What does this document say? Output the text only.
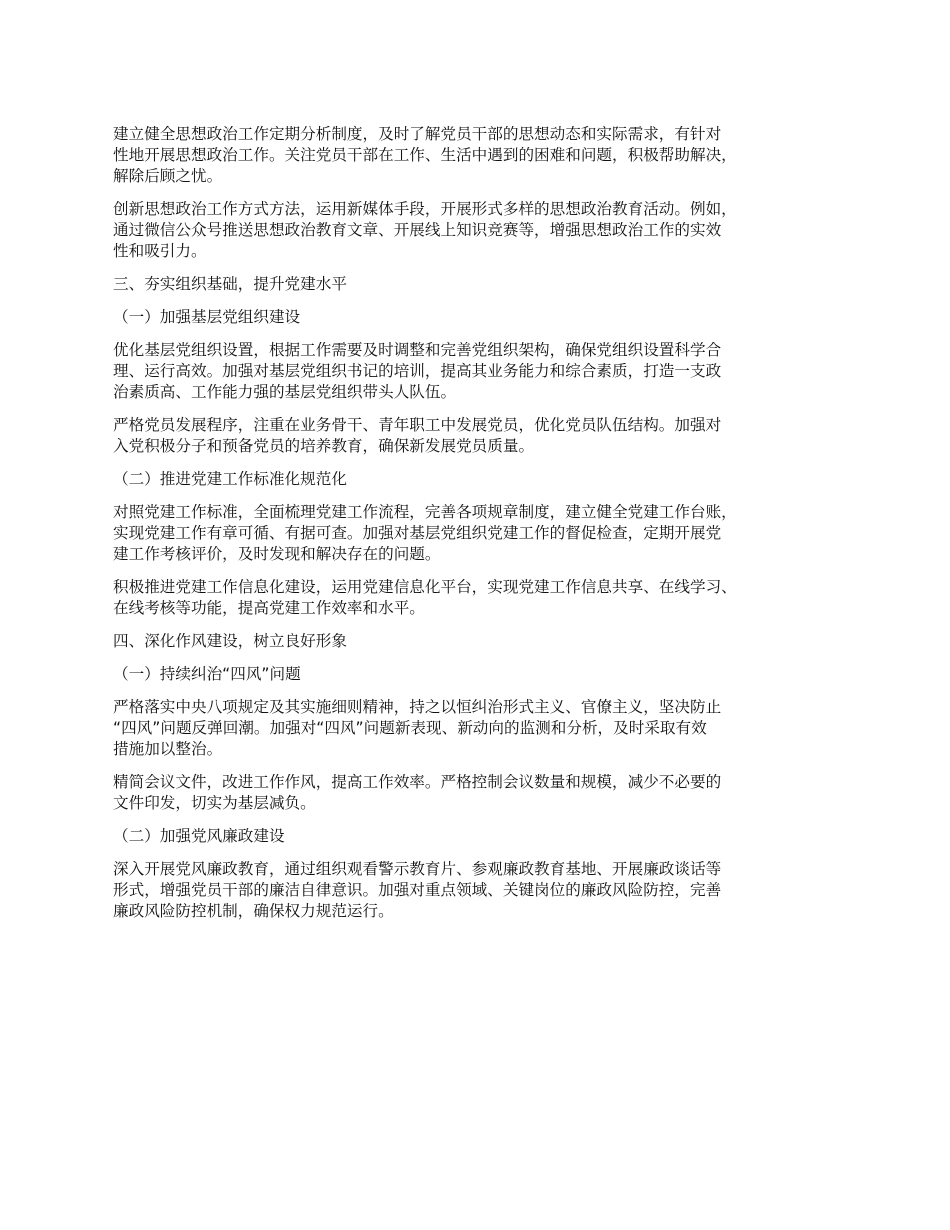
建立健全思想政治工作定期分析制度，及时了解党员干部的思想动态和实际需求，有针对
性地开展思想政治工作。关注党员干部在工作、生活中遇到的困难和问题，积极帮助解决，
解除后顾之忧。

创新思想政治工作方式方法，运用新媒体手段，开展形式多样的思想政治教育活动。例如，
通过微信公众号推送思想政治教育文章、开展线上知识竞赛等，增强思想政治工作的实效
性和吸引力。

三、夯实组织基础，提升党建水平

（一）加强基层党组织建设

优化基层党组织设置，根据工作需要及时调整和完善党组织架构，确保党组织设置科学合
理、运行高效。加强对基层党组织书记的培训，提高其业务能力和综合素质，打造一支政
治素质高、工作能力强的基层党组织带头人队伍。

严格党员发展程序，注重在业务骨干、青年职工中发展党员，优化党员队伍结构。加强对
入党积极分子和预备党员的培养教育，确保新发展党员质量。

（二）推进党建工作标准化规范化

对照党建工作标准，全面梳理党建工作流程，完善各项规章制度，建立健全党建工作台账，
实现党建工作有章可循、有据可查。加强对基层党组织党建工作的督促检查，定期开展党
建工作考核评价，及时发现和解决存在的问题。

积极推进党建工作信息化建设，运用党建信息化平台，实现党建工作信息共享、在线学习、
在线考核等功能，提高党建工作效率和水平。

四、深化作风建设，树立良好形象

（一）持续纠治“四风”问题

严格落实中央八项规定及其实施细则精神，持之以恒纠治形式主义、官僚主义，坚决防止
“四风”问题反弹回潮。加强对“四风”问题新表现、新动向的监测和分析，及时采取有效
措施加以整治。

精简会议文件，改进工作作风，提高工作效率。严格控制会议数量和规模，减少不必要的
文件印发，切实为基层减负。

（二）加强党风廉政建设

深入开展党风廉政教育，通过组织观看警示教育片、参观廉政教育基地、开展廉政谈话等
形式，增强党员干部的廉洁自律意识。加强对重点领域、关键岗位的廉政风险防控，完善
廉政风险防控机制，确保权力规范运行。
